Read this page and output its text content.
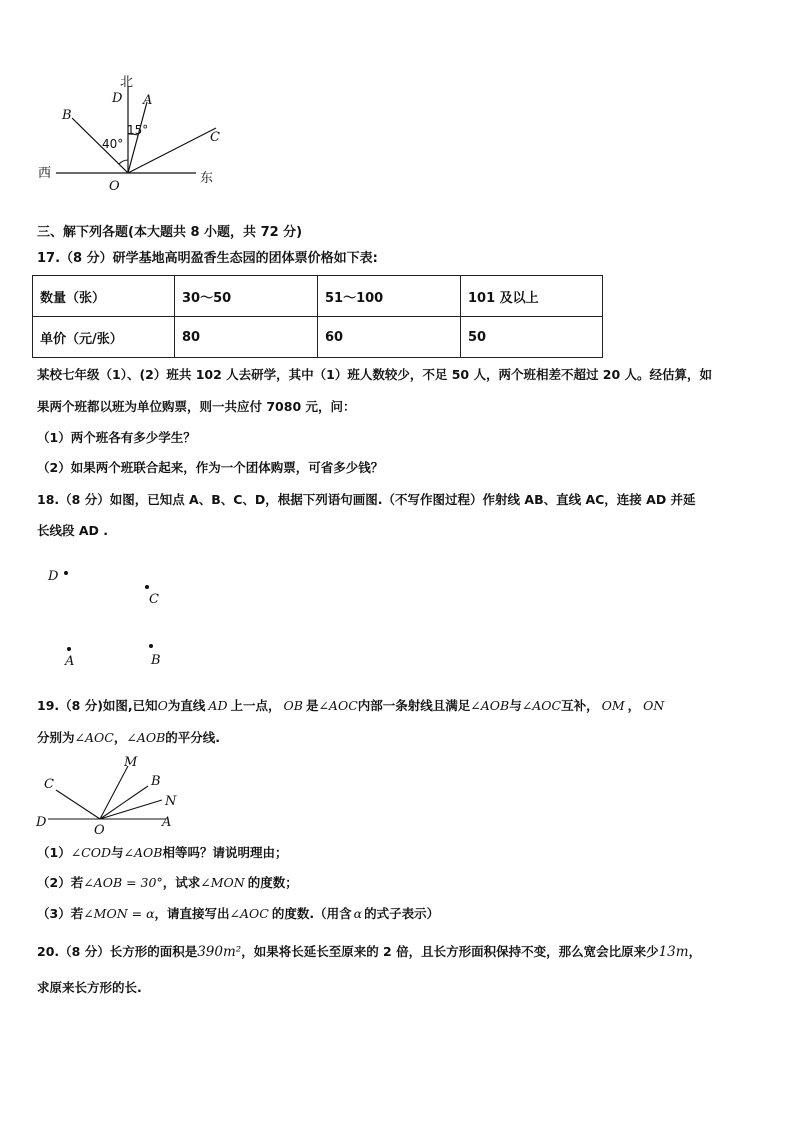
北
D A
B
C
O
西	东
40°
15°
三、解下列各题(本大题共 8 小题，共 72 分)
17.（8 分）研学基地高明盈香生态园的团体票价格如下表:
数量（张）	30～50	51～100	101 及以上
单价（元/张）	80	60	50
某校七年级（1）、(2）班共 102 人去研学，其中（1）班人数较少，不足 50 人，两个班相差不超过 20 人。经估算，如
果两个班都以班为单位购票，则一共应付 7080 元，问：
（1）两个班各有多少学生？
（2）如果两个班联合起来，作为一个团体购票，可省多少钱？
18.（8 分）如图，已知点 A、B、C、D，根据下列语句画图.（不写作图过程）作射线 AB、直线 AC，连接 AD 并延
长线段 AD .
D
C
A	B
19.（8 分)如图,已知O为直线 AD 上一点， OB 是∠AOC内部一条射线且满足∠AOB与∠AOC互补， OM ， ON
分别为∠AOC，∠AOB的平分线.
C
M
B
N
D
O
A
（1）∠COD与∠AOB相等吗？请说明理由；
（2）若∠AOB = 30°，试求∠MON 的度数；
（3）若∠MON = α，请直接写出∠AOC 的度数.（用含 α 的式子表示）
20.（8 分）长方形的面积是390m²，如果将长延长至原来的 2 倍，且长方形面积保持不变，那么宽会比原来少13m，
求原来长方形的长.
